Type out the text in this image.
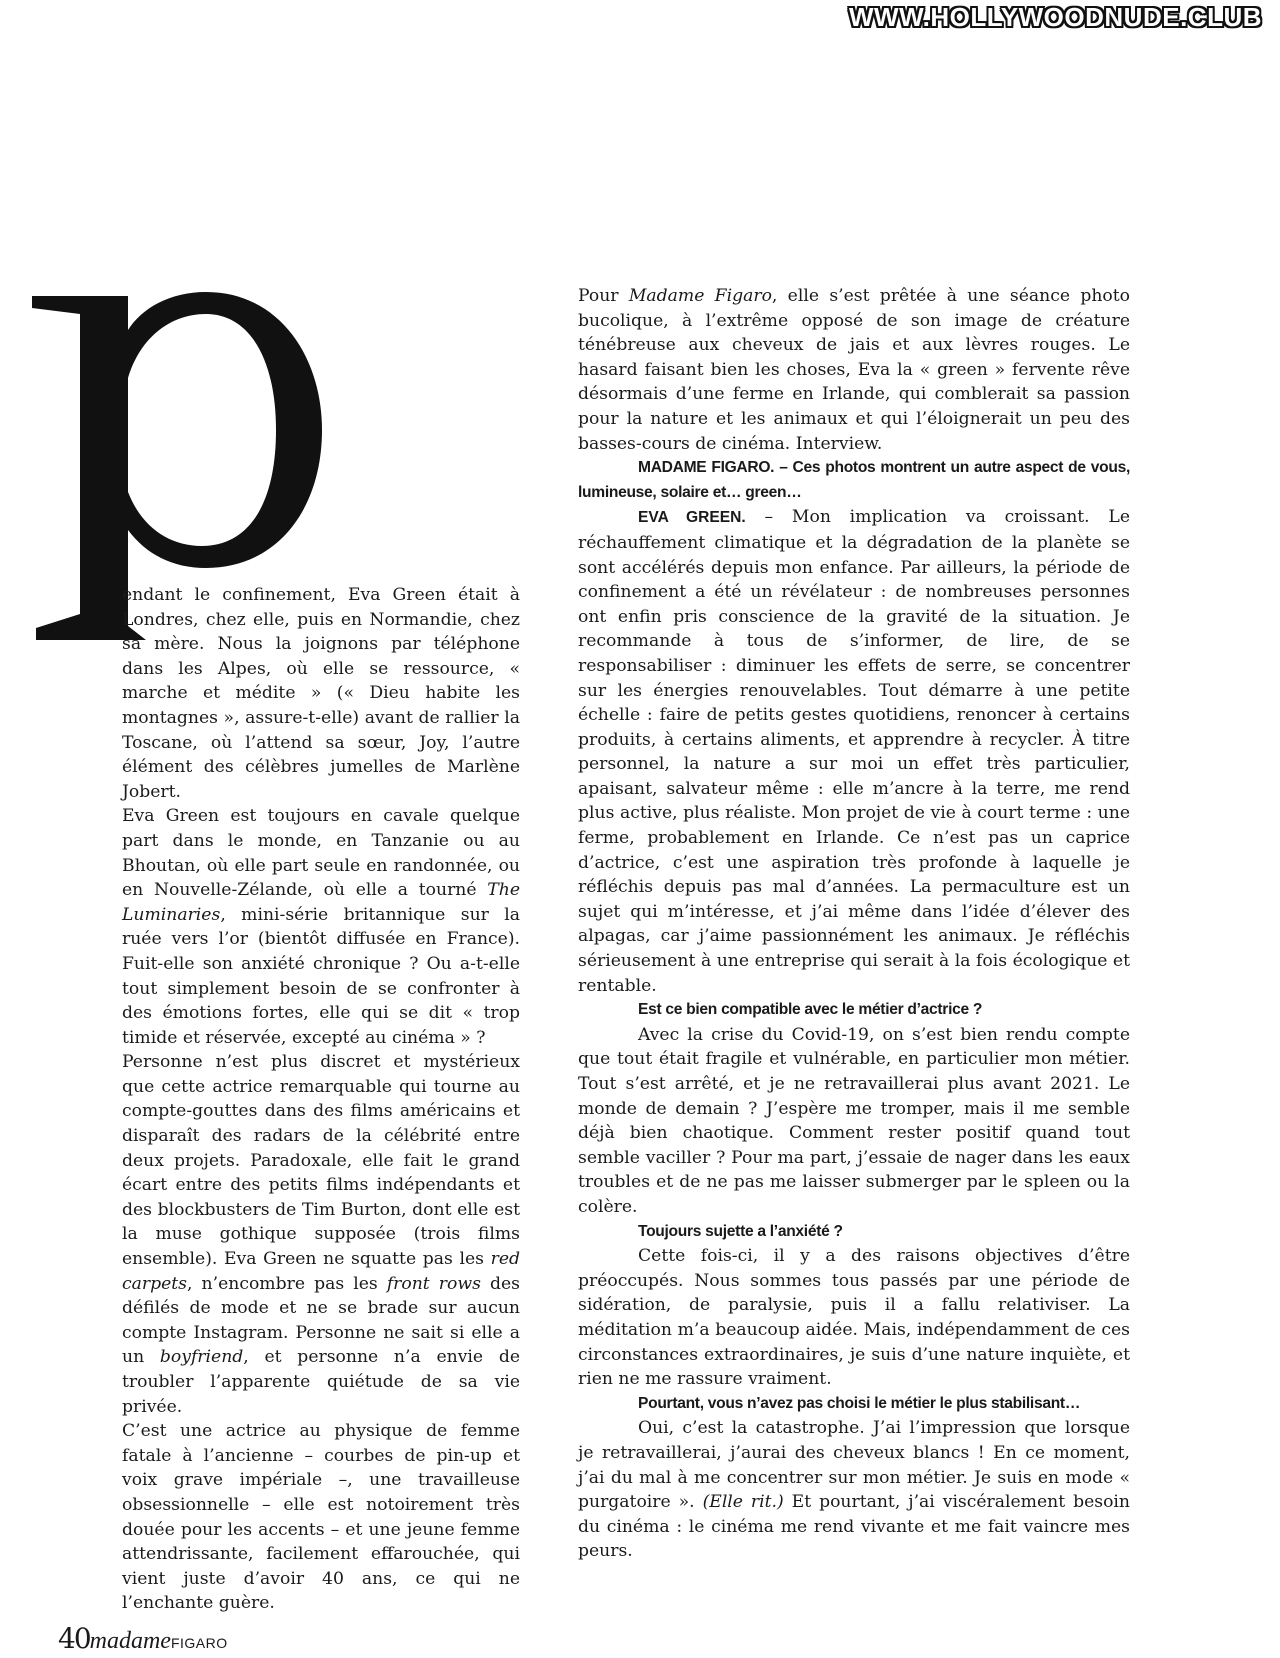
WWW.HOLLYWOODNUDE.CLUB

endant le confinement, Eva Green était à Londres, chez elle, puis en Normandie, chez sa mère. Nous la joignons par téléphone dans les Alpes, où elle se ressource, « marche et médite » (« Dieu habite les montagnes », assure-t-elle) avant de rallier la Toscane, où l’attend sa sœur, Joy, l’autre élément des célèbres jumelles de Marlène Jobert.

Eva Green est toujours en cavale quelque part dans le monde, en Tanzanie ou au Bhoutan, où elle part seule en randonnée, ou en Nouvelle-Zélande, où elle a tourné The Luminaries, mini-série britannique sur la ruée vers l’or (bientôt diffusée en France). Fuit-elle son anxiété chronique ? Ou a-t-elle tout simplement besoin de se confronter à des émotions fortes, elle qui se dit « trop timide et réservée, excepté au cinéma » ?

Personne n’est plus discret et mystérieux que cette actrice remarquable qui tourne au compte-gouttes dans des films américains et disparaît des radars de la célébrité entre deux projets. Paradoxale, elle fait le grand écart entre des petits films indépendants et des blockbusters de Tim Burton, dont elle est la muse gothique supposée (trois films ensemble). Eva Green ne squatte pas les red carpets, n’encombre pas les front rows des défilés de mode et ne se brade sur aucun compte Instagram. Personne ne sait si elle a un boyfriend, et personne n’a envie de troubler l’apparente quiétude de sa vie privée.

C’est une actrice au physique de femme fatale à l’ancienne – courbes de pin-up et voix grave impériale –, une travailleuse obsessionnelle – elle est notoirement très douée pour les accents – et une jeune femme attendrissante, facilement effarouchée, qui vient juste d’avoir 40 ans, ce qui ne l’enchante guère.

Pour Madame Figaro, elle s’est prêtée à une séance photo bucolique, à l’extrême opposé de son image de créature ténébreuse aux cheveux de jais et aux lèvres rouges. Le hasard faisant bien les choses, Eva la « green » fervente rêve désormais d’une ferme en Irlande, qui comblerait sa passion pour la nature et les animaux et qui l’éloignerait un peu des basses-cours de cinéma. Interview.

MADAME FIGARO. – Ces photos montrent un autre aspect de vous, lumineuse, solaire et… green…

EVA GREEN. – Mon implication va croissant. Le réchauffement climatique et la dégradation de la planète se sont accélérés depuis mon enfance. Par ailleurs, la période de confinement a été un révélateur : de nombreuses personnes ont enfin pris conscience de la gravité de la situation. Je recommande à tous de s’informer, de lire, de se responsabiliser : diminuer les effets de serre, se concentrer sur les énergies renouvelables. Tout démarre à une petite échelle : faire de petits gestes quotidiens, renoncer à certains produits, à certains aliments, et apprendre à recycler. À titre personnel, la nature a sur moi un effet très particulier, apaisant, salvateur même : elle m’ancre à la terre, me rend plus active, plus réaliste. Mon projet de vie à court terme : une ferme, probablement en Irlande. Ce n’est pas un caprice d’actrice, c’est une aspiration très profonde à laquelle je réfléchis depuis pas mal d’années. La permaculture est un sujet qui m’intéresse, et j’ai même dans l’idée d’élever des alpagas, car j’aime passionnément les animaux. Je réfléchis sérieusement à une entreprise qui serait à la fois écologique et rentable.

Est ce bien compatible avec le métier d’actrice ?

Avec la crise du Covid-19, on s’est bien rendu compte que tout était fragile et vulnérable, en particulier mon métier. Tout s’est arrêté, et je ne retravaillerai plus avant 2021. Le monde de demain ? J’espère me tromper, mais il me semble déjà bien chaotique. Comment rester positif quand tout semble vaciller ? Pour ma part, j’essaie de nager dans les eaux troubles et de ne pas me laisser submerger par le spleen ou la colère.

Toujours sujette a l’anxiété ?

Cette fois-ci, il y a des raisons objectives d’être préoccupés. Nous sommes tous passés par une période de sidération, de paralysie, puis il a fallu relativiser. La méditation m’a beaucoup aidée. Mais, indépendamment de ces circonstances extraordinaires, je suis d’une nature inquiète, et rien ne me rassure vraiment.

Pourtant, vous n’avez pas choisi le métier le plus stabilisant…

Oui, c’est la catastrophe. J’ai l’impression que lorsque je retravaillerai, j’aurai des cheveux blancs ! En ce moment, j’ai du mal à me concentrer sur mon métier. Je suis en mode « purgatoire ». (Elle rit.) Et pourtant, j’ai viscéralement besoin du cinéma : le cinéma me rend vivante et me fait vaincre mes peurs.

40 madame FIGARO
